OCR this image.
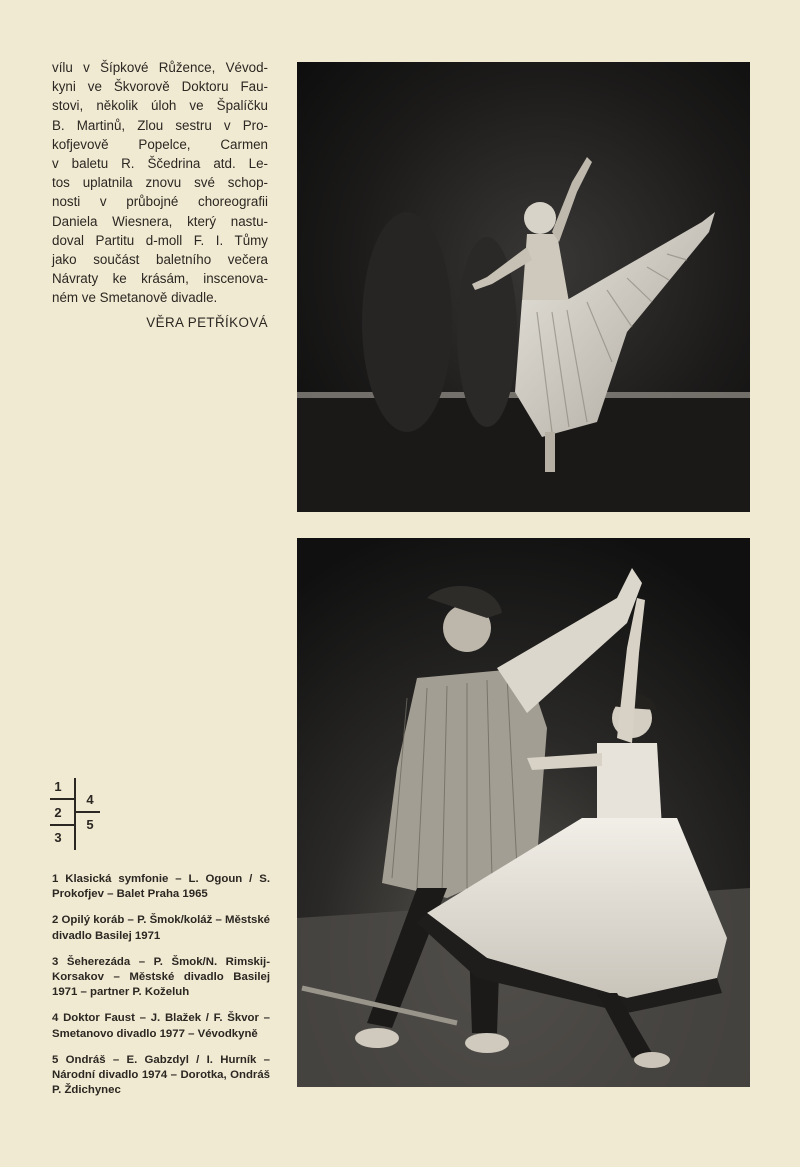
vílu v Šípkové Růžence, Vévod-
kyni ve Škvorově Doktoru Fau-
stovi, několik úloh ve Špalíčku
B. Martinů, Zlou sestru v Pro-
kofjevově Popelce, Carmen
v baletu R. Ščedrina atd. Le-
tos uplatnila znovu své schop-
nosti v průbojné choreografii
Daniela Wiesnera, který nastu-
doval Partitu d-moll F. I. Tůmy
jako součást baletního večera
Návraty ke krásám, inscenova-
ném ve Smetanově divadle.
VĚRA PETŘÍKOVÁ
1
2
3
4
5
1 Klasická symfonie – L. Ogoun / S. Prokofjev – Balet Praha 1965
2 Opilý koráb – P. Šmok/koláž – Městské divadlo Basilej 1971
3 Šeherezáda – P. Šmok/N. Rimskij-Korsakov – Městské divadlo Basilej 1971 – partner P. Koželuh
4 Doktor Faust – J. Blažek / F. Škvor – Smetanovo divadlo 1977 – Vévodkyně
5 Ondráš – E. Gabzdyl / I. Hurník – Národní divadlo 1974 – Dorotka, Ondráš P. Ždichynec
